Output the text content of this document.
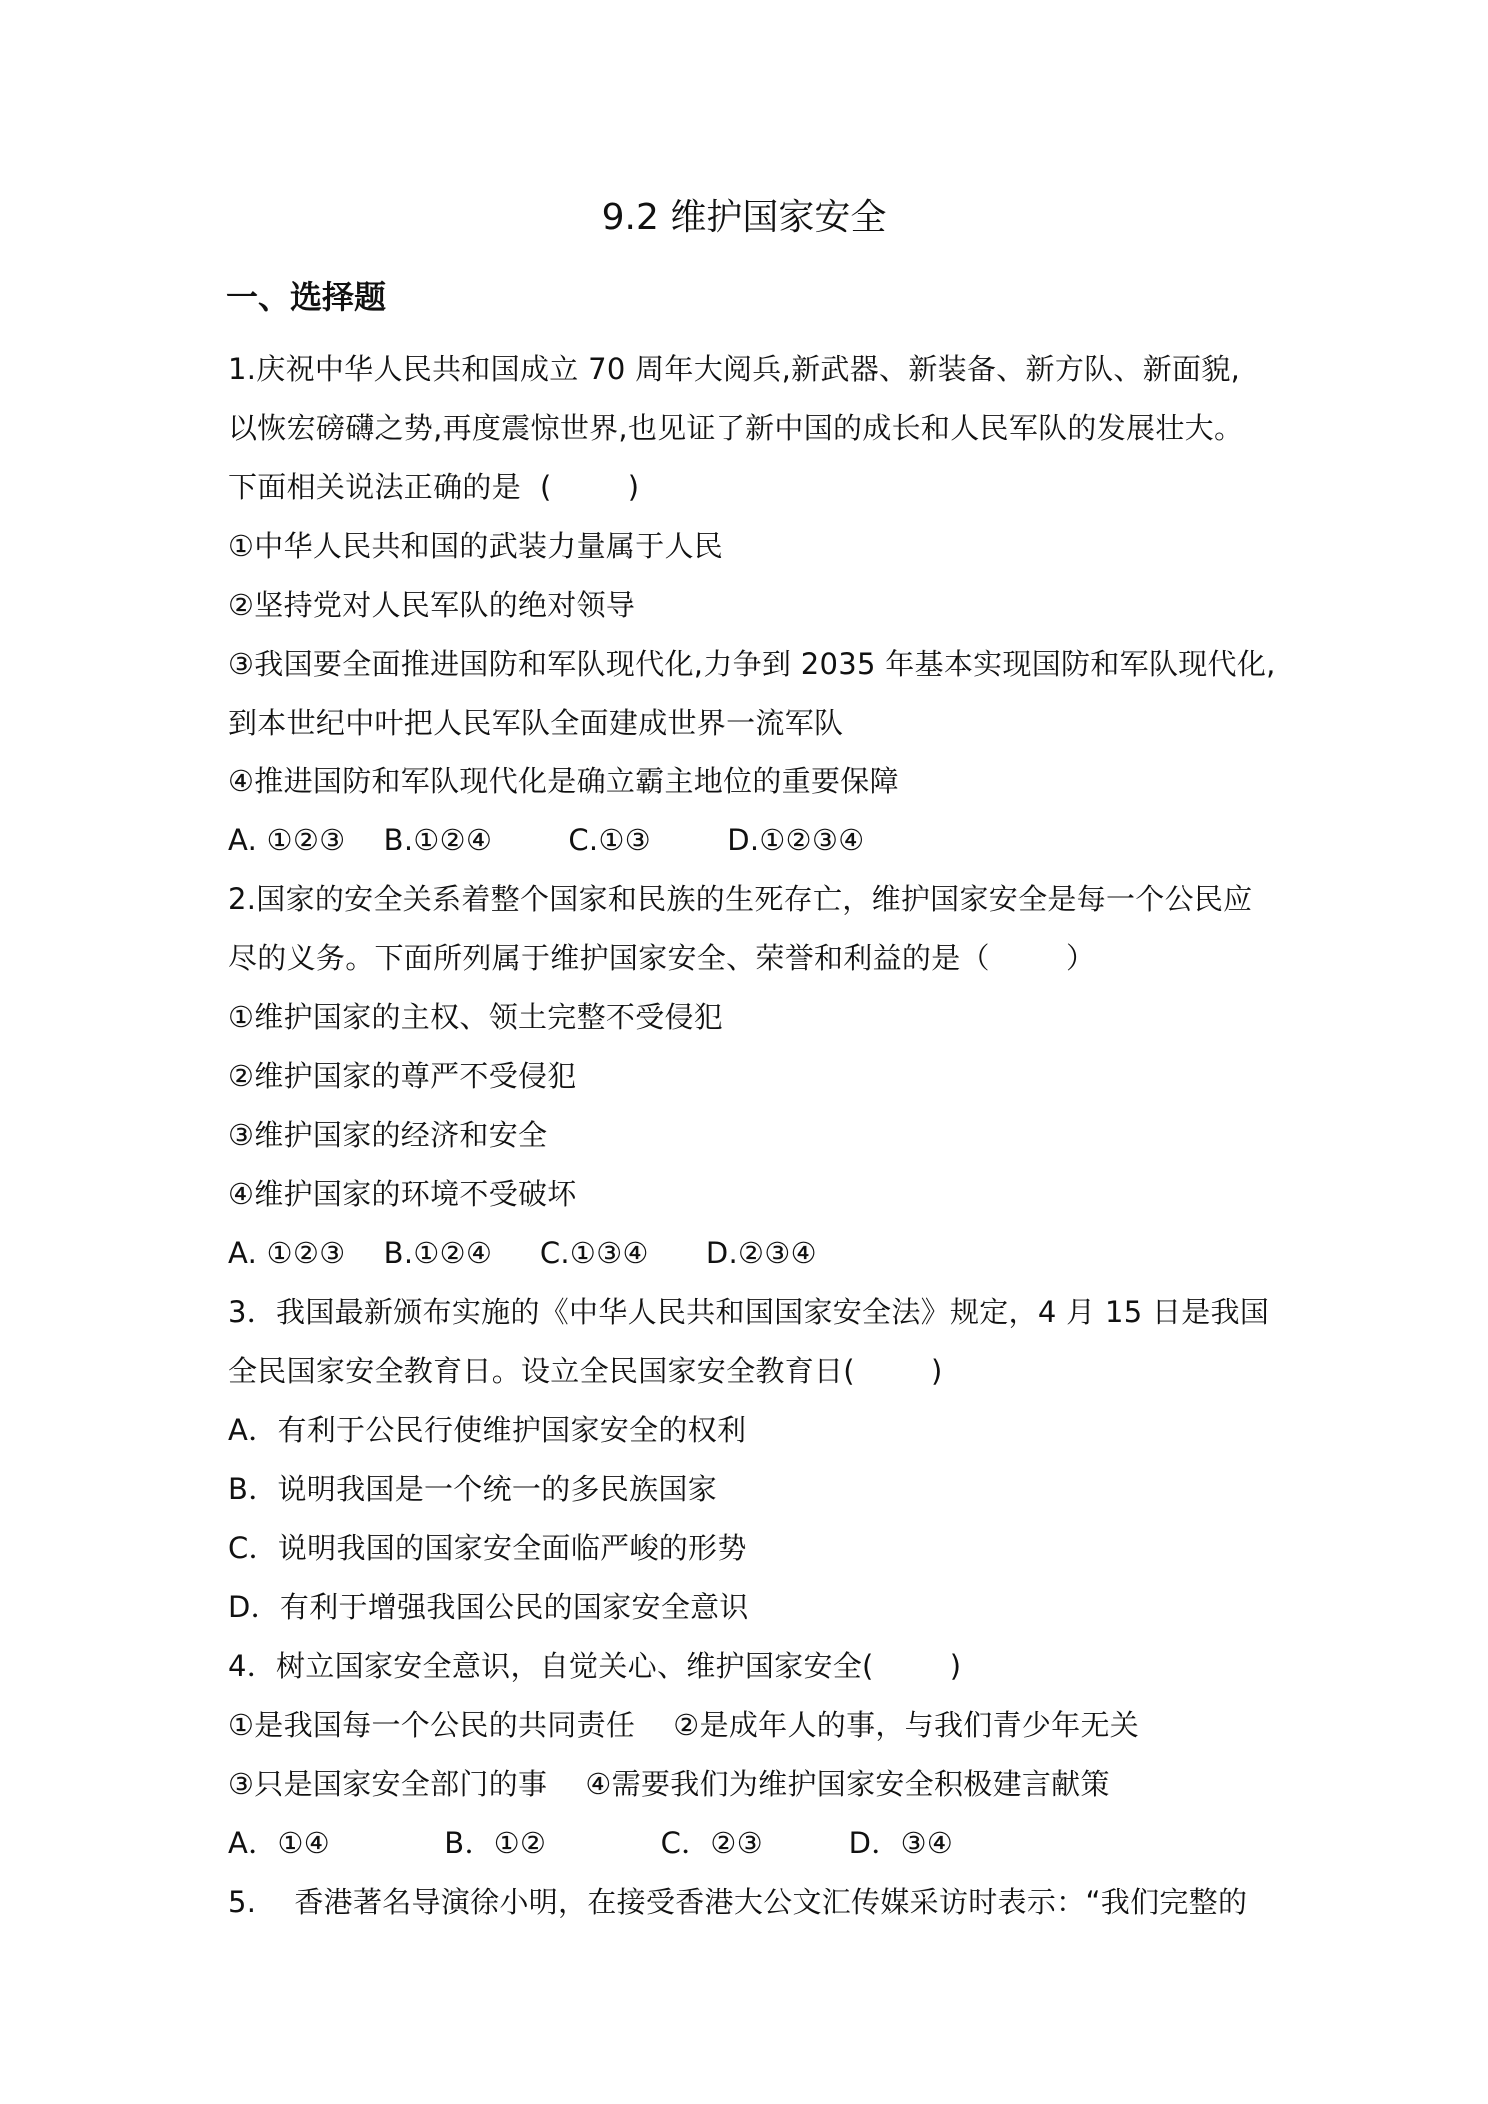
9.2 维护国家安全
一、选择题
1.庆祝中华人民共和国成立 70 周年大阅兵,新武器、新装备、新方队、新面貌,
以恢宏磅礴之势,再度震惊世界,也见证了新中国的成长和人民军队的发展壮大。
下面相关说法正确的是  (        )
①中华人民共和国的武装力量属于人民
②坚持党对人民军队的绝对领导
③我国要全面推进国防和军队现代化,力争到 2035 年基本实现国防和军队现代化,
到本世纪中叶把人民军队全面建成世界一流军队
④推进国防和军队现代化是确立霸主地位的重要保障
A. ①②③    B.①②④        C.①③        D.①②③④
2.国家的安全关系着整个国家和民族的生死存亡，维护国家安全是每一个公民应
尽的义务。下面所列属于维护国家安全、荣誉和利益的是（        ）
①维护国家的主权、领土完整不受侵犯
②维护国家的尊严不受侵犯
③维护国家的经济和安全
④维护国家的环境不受破坏
A. ①②③    B.①②④     C.①③④      D.②③④
3．我国最新颁布实施的《中华人民共和国国家安全法》规定，4 月 15 日是我国
全民国家安全教育日。设立全民国家安全教育日(        )
A．有利于公民行使维护国家安全的权利
B．说明我国是一个统一的多民族国家
C．说明我国的国家安全面临严峻的形势
D．有利于增强我国公民的国家安全意识
4．树立国家安全意识，自觉关心、维护国家安全(        )
①是我国每一个公民的共同责任    ②是成年人的事，与我们青少年无关
③只是国家安全部门的事    ④需要我们为维护国家安全积极建言献策
A．①④            B．①②            C．②③         D．③④
5.    香港著名导演徐小明，在接受香港大公文汇传媒采访时表示：“我们完整的
